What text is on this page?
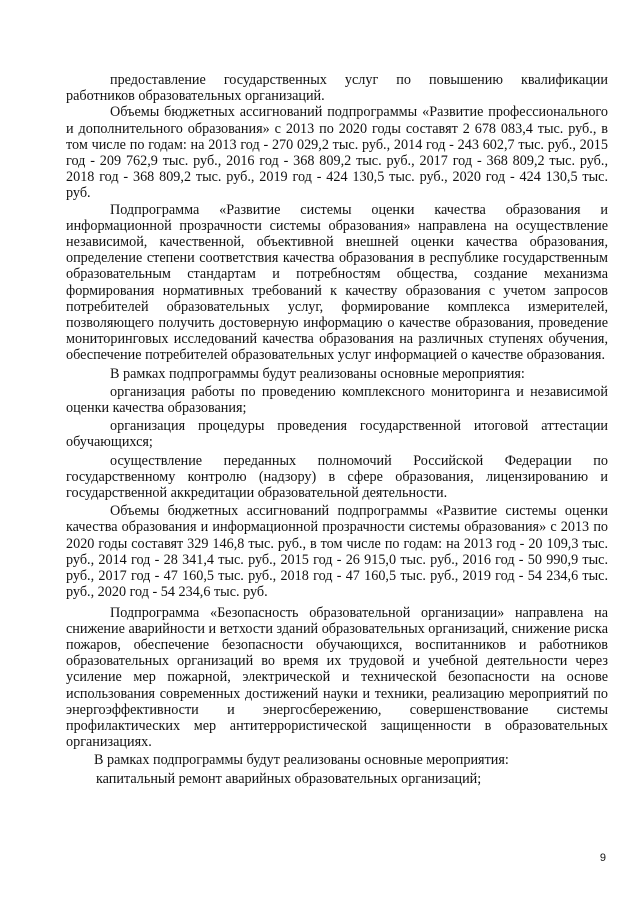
предоставление государственных услуг по повышению квалификации работников образовательных организаций.

Объемы бюджетных ассигнований подпрограммы «Развитие профессионального и дополнительного образования» с 2013 по 2020 годы составят 2 678 083,4 тыс. руб., в том числе по годам: на 2013 год - 270 029,2 тыс. руб., 2014 год - 243 602,7 тыс. руб., 2015 год - 209 762,9 тыс. руб., 2016 год - 368 809,2 тыс. руб., 2017 год - 368 809,2 тыс. руб., 2018 год - 368 809,2 тыс. руб., 2019 год - 424 130,5 тыс. руб., 2020 год - 424 130,5 тыс. руб.

Подпрограмма «Развитие системы оценки качества образования и информационной прозрачности системы образования» направлена на осуществление независимой, качественной, объективной внешней оценки качества образования, определение степени соответствия качества образования в республике государственным образовательным стандартам и потребностям общества, создание механизма формирования нормативных требований к качеству образования с учетом запросов потребителей образовательных услуг, формирование комплекса измерителей, позволяющего получить достоверную информацию о качестве образования, проведение мониторинговых исследований качества образования на различных ступенях обучения, обеспечение потребителей образовательных услуг информацией о качестве образования.

В рамках подпрограммы будут реализованы основные мероприятия:

организация работы по проведению комплексного мониторинга и независимой оценки качества образования;

организация процедуры проведения государственной итоговой аттестации обучающихся;

осуществление переданных полномочий Российской Федерации по государственному контролю (надзору) в сфере образования, лицензированию и государственной аккредитации образовательной деятельности.

Объемы бюджетных ассигнований подпрограммы «Развитие системы оценки качества образования и информационной прозрачности системы образования» с 2013 по 2020 годы составят 329 146,8 тыс. руб., в том числе по годам: на 2013 год - 20 109,3 тыс. руб., 2014 год - 28 341,4 тыс. руб., 2015 год - 26 915,0 тыс. руб., 2016 год - 50 990,9 тыс. руб., 2017 год - 47 160,5 тыс. руб., 2018 год - 47 160,5 тыс. руб., 2019 год - 54 234,6 тыс. руб., 2020 год - 54 234,6 тыс. руб.

Подпрограмма «Безопасность образовательной организации» направлена на снижение аварийности и ветхости зданий образовательных организаций, снижение риска пожаров, обеспечение безопасности обучающихся, воспитанников и работников образовательных организаций во время их трудовой и учебной деятельности через усиление мер пожарной, электрической и технической безопасности на основе использования современных достижений науки и техники, реализацию мероприятий по энергоэффективности и энергосбережению, совершенствование системы профилактических мер антитеррористической защищенности в образовательных организациях.

В рамках подпрограммы будут реализованы основные мероприятия:

капитальный ремонт аварийных образовательных организаций;

9
